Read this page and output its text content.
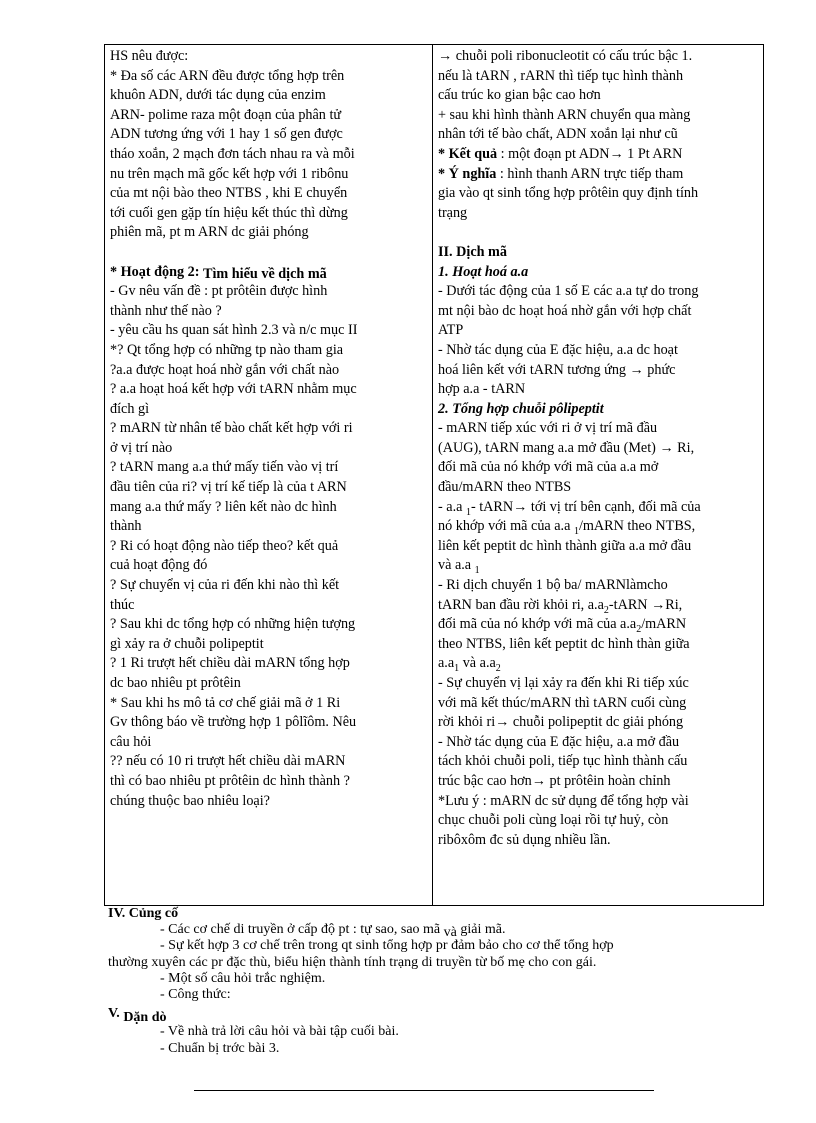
HS nêu được:
* Đa số các ARN đều được tổng hợp trên
khuôn ADN, dưới tác dụng của enzim
ARN- polime raza một đoạn của phân tử
ADN tương ứng với 1 hay 1 số gen được
tháo xoắn, 2 mạch đơn tách nhau ra và mỗi
nu trên mạch mã gốc kết hợp với 1 ribônu
của mt nội bào theo NTBS , khi E chuyển
tới cuối gen gặp tín hiệu kết thúc thì dừng
phiên mã, pt m ARN dc giải phóng
* Hoạt động 2: Tìm hiểu về dịch mã
- Gv nêu vấn đề : pt prôtêin được hình
thành như thế nào ?
- yêu cầu hs quan sát hình 2.3 và n/c mục II
*? Qt tổng hợp có những tp nào tham gia
?a.a được hoạt hoá nhờ gắn với chất nào
? a.a hoạt hoá kết hợp với tARN nhằm mục
đích gì
? mARN từ nhân tế bào chất kết hợp với ri
ở vị trí nào
? tARN mang a.a thứ mấy tiến vào vị trí
đầu tiên của ri? vị trí kế tiếp là của t ARN
mang a.a thứ mấy ? liên kết nào dc hình
thành
? Ri có hoạt động nào tiếp theo? kết quả
cuả hoạt động đó
? Sự chuyển vị của ri đến khi nào thì kết
thúc
? Sau khi dc tổng hợp có những hiện tượng
gì xảy ra ở chuỗi polipeptit
? 1 Ri trượt hết chiều dài mARN tổng hợp
dc bao nhiêu pt prôtêin
* Sau khi hs mô tả cơ chế giải mã ở 1 Ri
Gv thông báo về trường hợp 1 pôlĩôm. Nêu
câu hỏi
?? nếu có 10 ri trượt hết chiều dài mARN
thì có bao nhiêu pt prôtêin dc hình thành ?
chúng thuộc bao nhiêu loại?
→ chuỗi poli ribonucleotit có cấu trúc bậc 1.
nếu là tARN , rARN thì tiếp tục hình thành
cấu trúc ko gian bậc cao hơn
+ sau khi hình thành ARN chuyển qua màng
nhân tới tế bào chất, ADN xoắn lại như cũ
* Kết quả : một đoạn pt ADN→ 1 Pt ARN
* Ý nghĩa : hình thanh ARN trực tiếp tham
gia vào qt sinh tổng hợp prôtêin quy định tính
trạng
II. Dịch mã
1. Hoạt hoá a.a
- Dưới tác động của 1 số E các a.a tự do trong
mt nội bào dc hoạt hoá nhờ gắn với hợp chất
ATP
- Nhờ tác dụng của E đặc hiệu, a.a dc hoạt
hoá liên kết với tARN tương ứng → phức
hợp a.a - tARN
2. Tổng hợp chuỗi pôlipeptit
- mARN tiếp xúc với ri ở vị trí mã đầu
(AUG), tARN mang a.a mở đầu (Met) → Ri,
đối mã của nó khớp với mã của a.a mở
đầu/mARN theo NTBS
- a.a $_1$- tARN→ tới vị trí bên cạnh, đối mã của
nó khớp với mã của a.a $_1$/mARN theo NTBS,
liên kết peptit dc hình thành giữa a.a mở đầu
và a.a $_1$
- Ri dịch chuyển 1 bộ ba/ mARNlàmcho
tARN ban đầu rời khỏi ri, $a.a_2$-tARN →Ri,
đối mã của nó khớp với mã của $a.a_2$/mARN
theo NTBS, liên kết peptit dc hình thàn giữa
$a.a_1$ và $a.a_2$
- Sự chuyển vị lại xảy ra đến khi Ri tiếp xúc
với mã kết thúc/mARN thì tARN cuối cùng
rời khỏi ri→ chuỗi polipeptit dc giải phóng
- Nhờ tác dụng của E đặc hiệu, a.a mở đầu
tách khỏi chuỗi poli, tiếp tục hình thành cấu
trúc bậc cao hơn→ pt prôtêin hoàn chỉnh
*Lưu ý : mARN dc sử dụng để tổng hợp vài
chục chuỗi poli cùng loại rồi tự huỷ, còn
ribôxôm đc sủ dụng nhiều lần.
IV. Củng cố
- Các cơ chế di truyền ở cấp độ pt : tự sao, sao mã và giải mã.
- Sự kết hợp 3 cơ chế trên trong qt sinh tổng hợp pr đảm bảo cho cơ thể tổng hợp
thường xuyên các pr đặc thù, biểu hiện thành tính trạng di truyền từ bố mẹ cho con gái.
- Một số câu hỏi trắc nghiệm.
- Công thức:
V. Dặn dò
- Về nhà trả lời câu hỏi và bài tập cuối bài.
- Chuẩn bị trớc bài 3.
